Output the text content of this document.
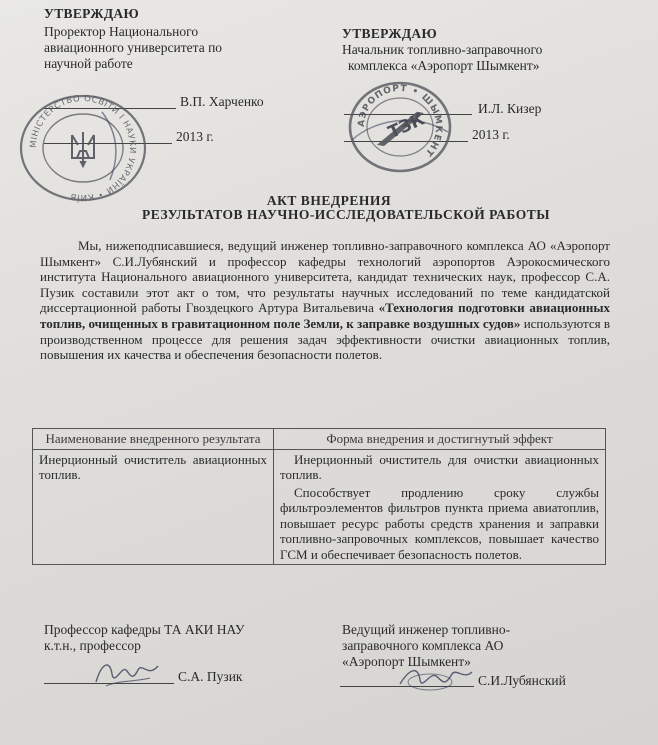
УТВЕРЖДАЮ
Проректор Национального
авиационного университета по
научной работе
В.П. Харченко
2013 г.
МІНІСТЕРСТВО ОСВІТИ І НАУКИ УКРАЇНИ • КИЇВ
УТВЕРЖДАЮ
Начальник топливно-заправочного
комплекса «Аэропорт Шымкент»
И.Л. Кизер
2013 г.
АЭРОПОРТ • ШЫМКЕНТ
ТЗК
АКТ ВНЕДРЕНИЯ
РЕЗУЛЬТАТОВ НАУЧНО-ИССЛЕДОВАТЕЛЬСКОЙ РАБОТЫ
Мы, нижеподписавшиеся, ведущий инженер топливно-заправочного комплекса АО «Аэропорт Шымкент» С.И.Лубянский и профессор кафедры технологий аэропортов Аэрокосмического института Национального авиационного университета, кандидат технических наук, профессор С.А. Пузик составили этот акт о том, что результаты научных исследований по теме кандидатской диссертационной работы Гвоздецкого Артура Витальевича «Технология подготовки авиационных топлив, очищенных в гравитационном поле Земли, к заправке воздушных судов» используются в производственном процессе для решения задач эффективности очистки авиационных топлив, повышения их качества и обеспечения безопасности полетов.
Наименование внедренного результата	Форма внедрения и достигнутый эффект

Инерционный очиститель авиационных топлив.	Инерционный очиститель для очистки авиационных топлив.

Способствует продлению сроку службы фильтроэлементов фильтров пункта приема авиатоплив, повышает ресурс работы средств хранения и заправки топливно-запровочных комплексов, повышает качество ГСМ и обеспечивает безопасность полетов.

Профессор кафедры ТА АКИ НАУ
к.т.н., профессор
С.А. Пузик
Ведущий инженер топливно-
заправочного комплекса АО
«Аэропорт Шымкент»
С.И.Лубянский
